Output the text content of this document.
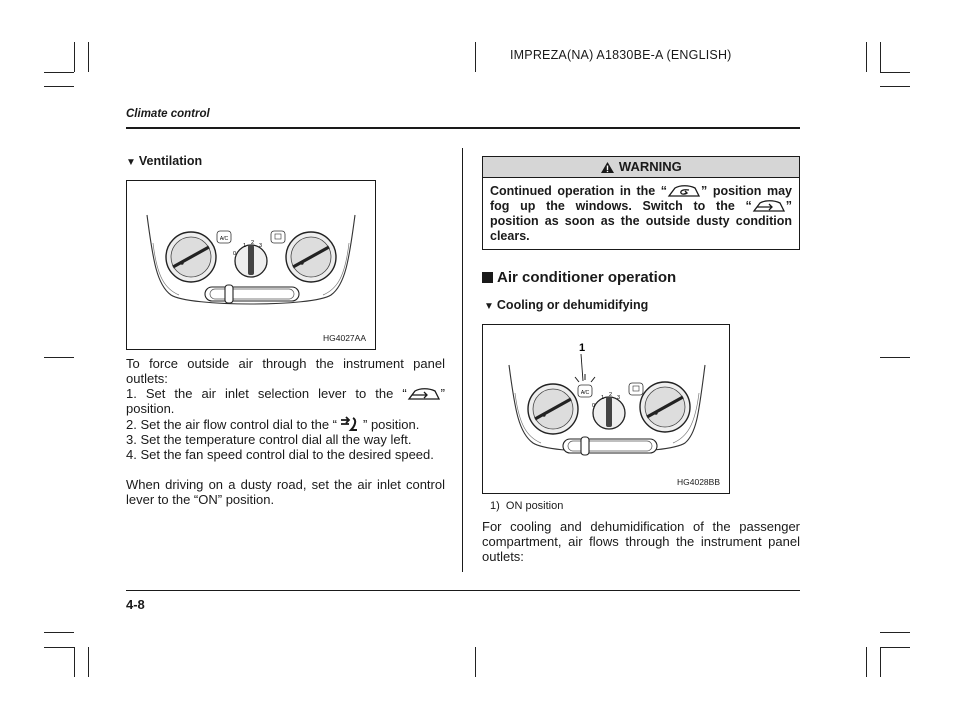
IMPREZA(NA) A1830BE-A (ENGLISH)
Climate control
▼ Ventilation
A/C
0
1 2 3
HG4027AA

To force outside air through the instrument panel outlets:

1. Set the air inlet selection lever to the “	” position.

2. Set the air flow control dial to the “ ” position.

3. Set the temperature control dial all the way left.

4. Set the fan speed control dial to the desired speed.

When driving on a dusty road, set the air inlet control lever to the “ON” position.

WARNING
Continued operation in the “	” position may fog up the windows. Switch to the “	” position as soon as the outside dusty condition clears.
Air conditioner operation
▼ Cooling or dehumidifying
1
A/C
0
1 2 3
HG4028BB
1)  ON position

For cooling and dehumidification of the passenger compartment, air flows through the instrument panel outlets:

4-8
